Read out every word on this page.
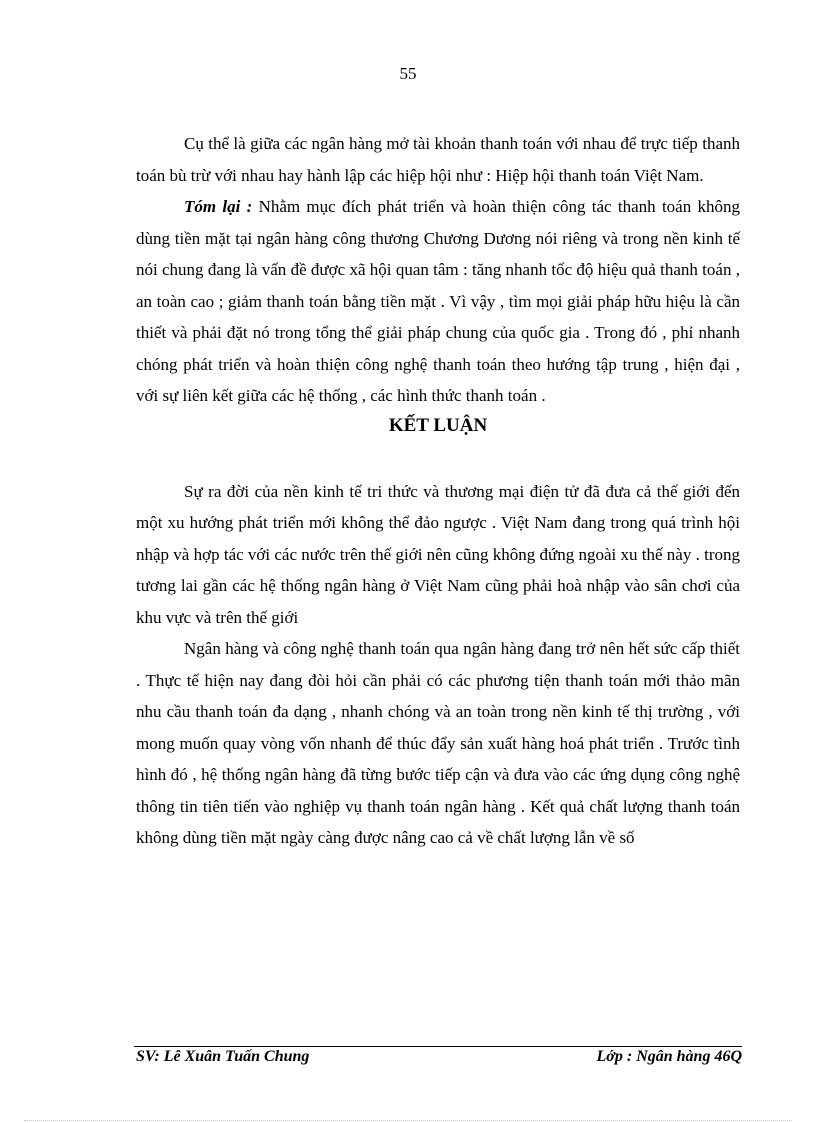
55

Cụ thể là giữa các ngân hàng mở tài khoản thanh toán với nhau để trực tiếp thanh toán bù trừ với nhau hay hành lập các hiệp hội như : Hiệp hội thanh toán Việt Nam.

Tóm lại : Nhằm mục đích phát triển và hoàn thiện công tác thanh toán không dùng tiền mặt tại ngân hàng công thương Chương Dương nói riêng và trong nền kinh tế nói chung đang là vấn đề được xã hội quan tâm : tăng nhanh tốc độ hiệu quả thanh toán , an toàn cao ; giảm thanh toán bằng tiền mặt . Vì vậy , tìm mọi giải pháp hữu hiệu là cần thiết và phải đặt nó trong tổng thể giải pháp chung của quốc gia . Trong đó , phỉ nhanh chóng phát triển và hoàn thiện công nghệ thanh toán theo hướng tập trung , hiện đại , với sự liên kết giữa các hệ thống , các hình thức thanh toán .

KẾT LUẬN

Sự ra đời của nền kinh tế tri thức và thương mại điện tử đã đưa cả thế giới đến một xu hướng phát triển mới không thể đảo ngược . Việt Nam đang trong quá trình hội nhập và hợp tác với các nước trên thế giới nên cũng không đứng ngoài xu thế này . trong tương lai gần các hệ thống ngân hàng ở Việt Nam cũng phải hoà nhập vào sân chơi của khu vực và trên thế giới

Ngân hàng và công nghệ thanh toán qua ngân hàng đang trở nên hết sức cấp thiết . Thực tế hiện nay đang đòi hỏi cần phải có các phương tiện thanh toán mới thảo mãn nhu cầu thanh toán đa dạng , nhanh chóng và an toàn trong nền kinh tế thị trường , với mong muốn quay vòng vốn nhanh để thúc đẩy sản xuất hàng hoá phát triển . Trước tình hình đó , hệ thống ngân hàng đã từng bước tiếp cận và đưa vào các ứng dụng công nghệ thông tin tiên tiến vào nghiệp vụ thanh toán ngân hàng . Kết quả chất lượng thanh toán không dùng tiền mặt ngày càng được nâng cao cả về chất lượng lẫn về số

SV: Lê Xuân Tuấn Chung	Lớp : Ngân hàng 46Q
